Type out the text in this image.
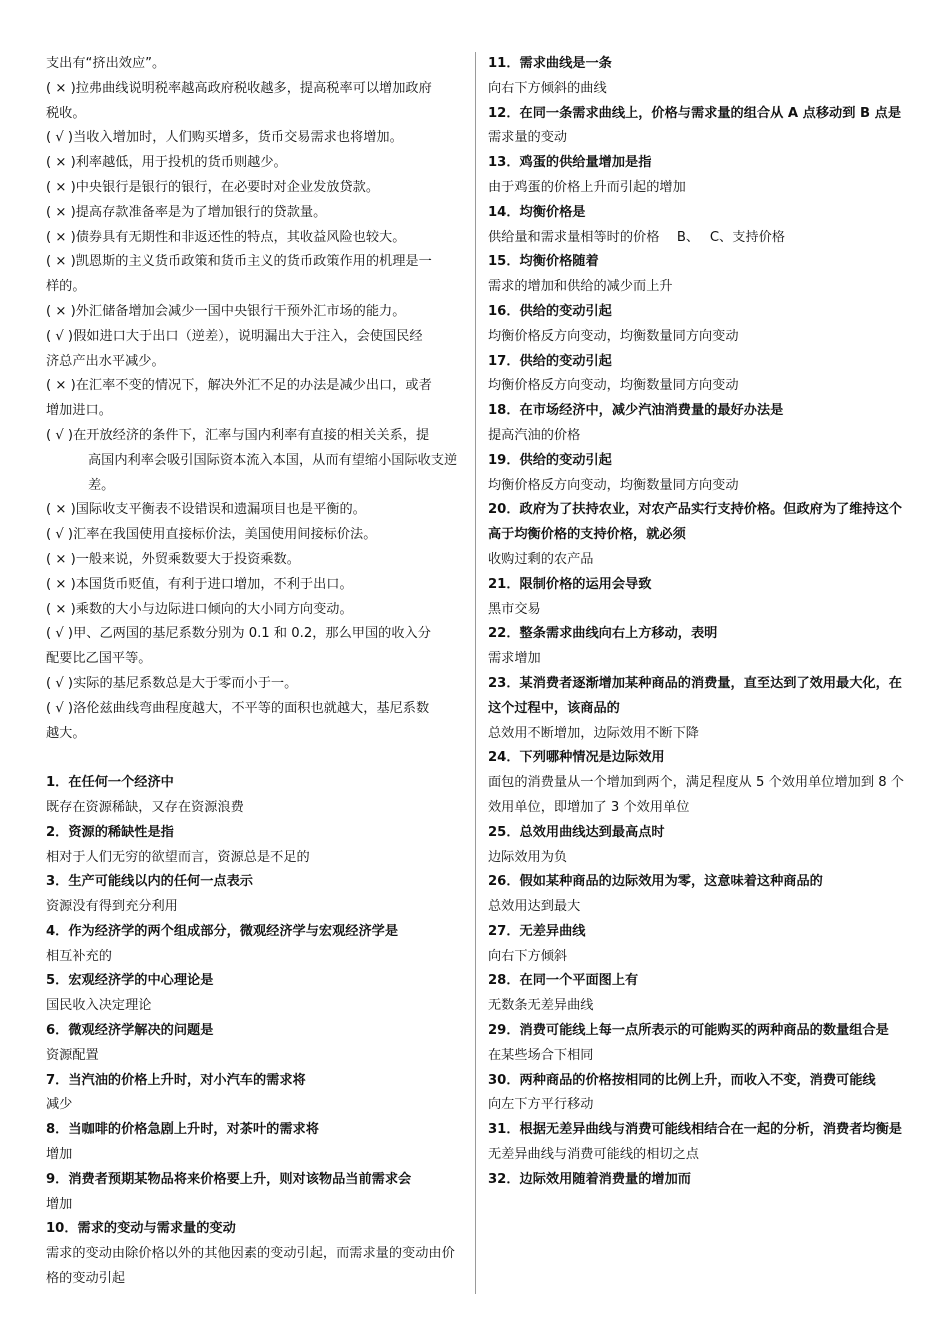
支出有“挤出效应”。
( × )拉弗曲线说明税率越高政府税收越多，提高税率可以增加政府
税收。
( √ )当收入增加时，人们购买增多，货币交易需求也将增加。
( × )利率越低，用于投机的货币则越少。
( × )中央银行是银行的银行，在必要时对企业发放贷款。
( × )提高存款准备率是为了增加银行的贷款量。
( × )债券具有无期性和非返还性的特点，其收益风险也较大。
( × )凯恩斯的主义货币政策和货币主义的货币政策作用的机理是一
样的。
( × )外汇储备增加会减少一国中央银行干预外汇市场的能力。
( √ )假如进口大于出口（逆差），说明漏出大于注入，会使国民经
济总产出水平减少。
( × )在汇率不变的情况下，解决外汇不足的办法是减少出口，或者
增加进口。
( √ )在开放经济的条件下，汇率与国内利率有直接的相关关系，提
高国内利率会吸引国际资本流入本国，从而有望缩小国际收支逆差。
( × )国际收支平衡表不设错误和遗漏项目也是平衡的。
( √ )汇率在我国使用直接标价法，美国使用间接标价法。
( × )一般来说，外贸乘数要大于投资乘数。
( × )本国货币贬值，有利于进口增加，不利于出口。
( × )乘数的大小与边际进口倾向的大小同方向变动。
( √ )甲、乙两国的基尼系数分别为 0.1 和 0.2，那么甲国的收入分
配要比乙国平等。
( √ )实际的基尼系数总是大于零而小于一。
( √ )洛伦兹曲线弯曲程度越大，不平等的面积也就越大，基尼系数
越大。
1．在任何一个经济中
既存在资源稀缺，又存在资源浪费
2．资源的稀缺性是指
相对于人们无穷的欲望而言，资源总是不足的
3．生产可能线以内的任何一点表示
资源没有得到充分利用
4．作为经济学的两个组成部分，微观经济学与宏观经济学是
相互补充的
5．宏观经济学的中心理论是
国民收入决定理论
6．微观经济学解决的问题是
资源配置
7．当汽油的价格上升时，对小汽车的需求将
减少
8．当咖啡的价格急剧上升时，对茶叶的需求将
增加
9．消费者预期某物品将来价格要上升，则对该物品当前需求会
增加
10．需求的变动与需求量的变动
需求的变动由除价格以外的其他因素的变动引起，而需求量的变动由价格的变动引起
11．需求曲线是一条
向右下方倾斜的曲线
12．在同一条需求曲线上，价格与需求量的组合从 A 点移动到 B 点是
需求量的变动
13．鸡蛋的供给量增加是指
由于鸡蛋的价格上升而引起的增加
14．均衡价格是
供给量和需求量相等时的价格　 B、　 C、支持价格
15．均衡价格随着
需求的增加和供给的减少而上升
16．供给的变动引起
均衡价格反方向变动，均衡数量同方向变动
17．供给的变动引起
均衡价格反方向变动，均衡数量同方向变动
18．在市场经济中，减少汽油消费量的最好办法是
提高汽油的价格
19．供给的变动引起
均衡价格反方向变动，均衡数量同方向变动
20．政府为了扶持农业，对农产品实行支持价格。但政府为了维持这个高于均衡价格的支持价格，就必须
收购过剩的农产品
21．限制价格的运用会导致
黑市交易
22．整条需求曲线向右上方移动，表明
需求增加
23．某消费者逐渐增加某种商品的消费量，直至达到了效用最大化，在这个过程中，该商品的
总效用不断增加，边际效用不断下降
24．下列哪种情况是边际效用
面包的消费量从一个增加到两个，满足程度从 5 个效用单位增加到 8 个效用单位，即增加了 3 个效用单位
25．总效用曲线达到最高点时
边际效用为负
26．假如某种商品的边际效用为零，这意味着这种商品的
总效用达到最大
27．无差异曲线
向右下方倾斜
28．在同一个平面图上有
无数条无差异曲线
29．消费可能线上每一点所表示的可能购买的两种商品的数量组合是
在某些场合下相同
30．两种商品的价格按相同的比例上升，而收入不变，消费可能线
向左下方平行移动
31．根据无差异曲线与消费可能线相结合在一起的分析，消费者均衡是
无差异曲线与消费可能线的相切之点
32．边际效用随着消费量的增加而
